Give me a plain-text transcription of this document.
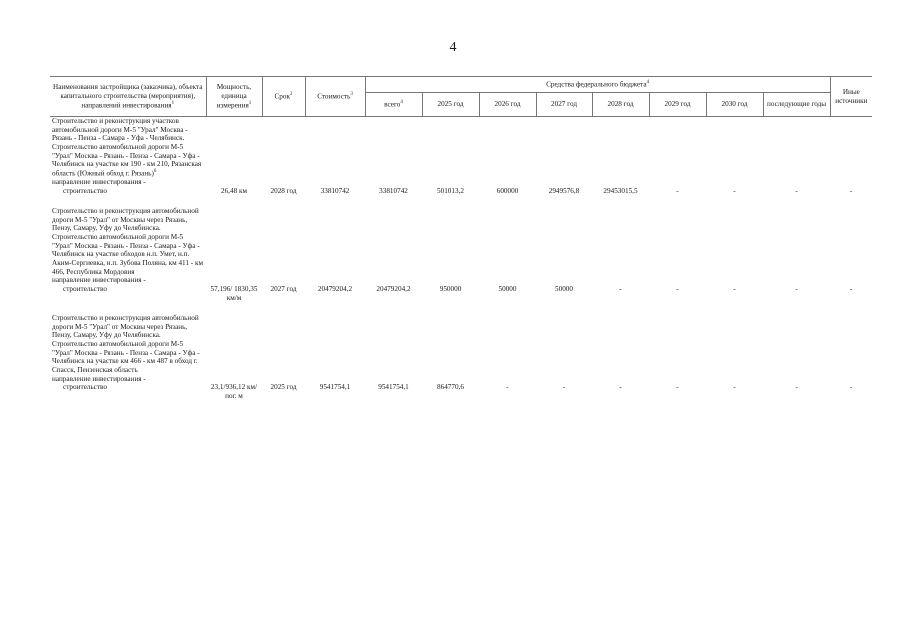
4
Наименования застройщика (заказчика), объекта капитального строительства (мероприятия), направлений инвестирования$^1$	Мощность, единица измерения$^1$	Срок$^2$	Стоимость$^3$	Средства федерального бюджета$^4$								Иные источники
				всего$^4$	2025 год	2026 год	2027 год	2028 год	2029 год	2030 год	последующие годы	
Строительство и реконструкция участков автомобильной дороги М-5 "Урал" Москва - Рязань - Пенза - Самара - Уфа - Челябинск. Строительство автомобильной дороги М-5 "Урал" Москва - Рязань - Пенза - Самара - Уфа - Челябинск на участке км 190 - км 210, Рязанская область (Южный обход г. Рязань)$^6$	
направление инвестирования -												
строительство	26,48 км	2028 год	33810742	33810742	501013,2	600000	2949576,8	29453015,5	-	-	-	-
Строительство и реконструкция автомобильной дороги М-5 "Урал" от Москвы через Рязань, Пензу, Самару, Уфу до Челябинска. Строительство автомобильной дороги М-5 "Урал" Москва - Рязань - Пенза - Самара - Уфа - Челябинск на участке обходов н.п. Умет, н.п. Аким-Сергиевка, н.п. Зубова Поляна, км 411 - км 466, Республика Мордовия												
направление инвестирования -												
строительство	57,196/ 1830,35 км/м	2027 год	20479204,2	20479204,2	950000	50000	50000	-	-	-	-	-
Строительство и реконструкция автомобильной дороги М-5 "Урал" от Москвы через Рязань, Пензу, Самару, Уфу до Челябинска. Строительство автомобильной дороги М-5 "Урал" Москва - Рязань - Пенза - Самара - Уфа - Челябинск на участке км 466 - км 487 в обход г. Спасск, Пензенская область												
направление инвестирования -												
строительство	23,1/936,12 км/пог. м	2025 год	9541754,1	9541754,1	864770,6	-	-	-	-	-	-	-
